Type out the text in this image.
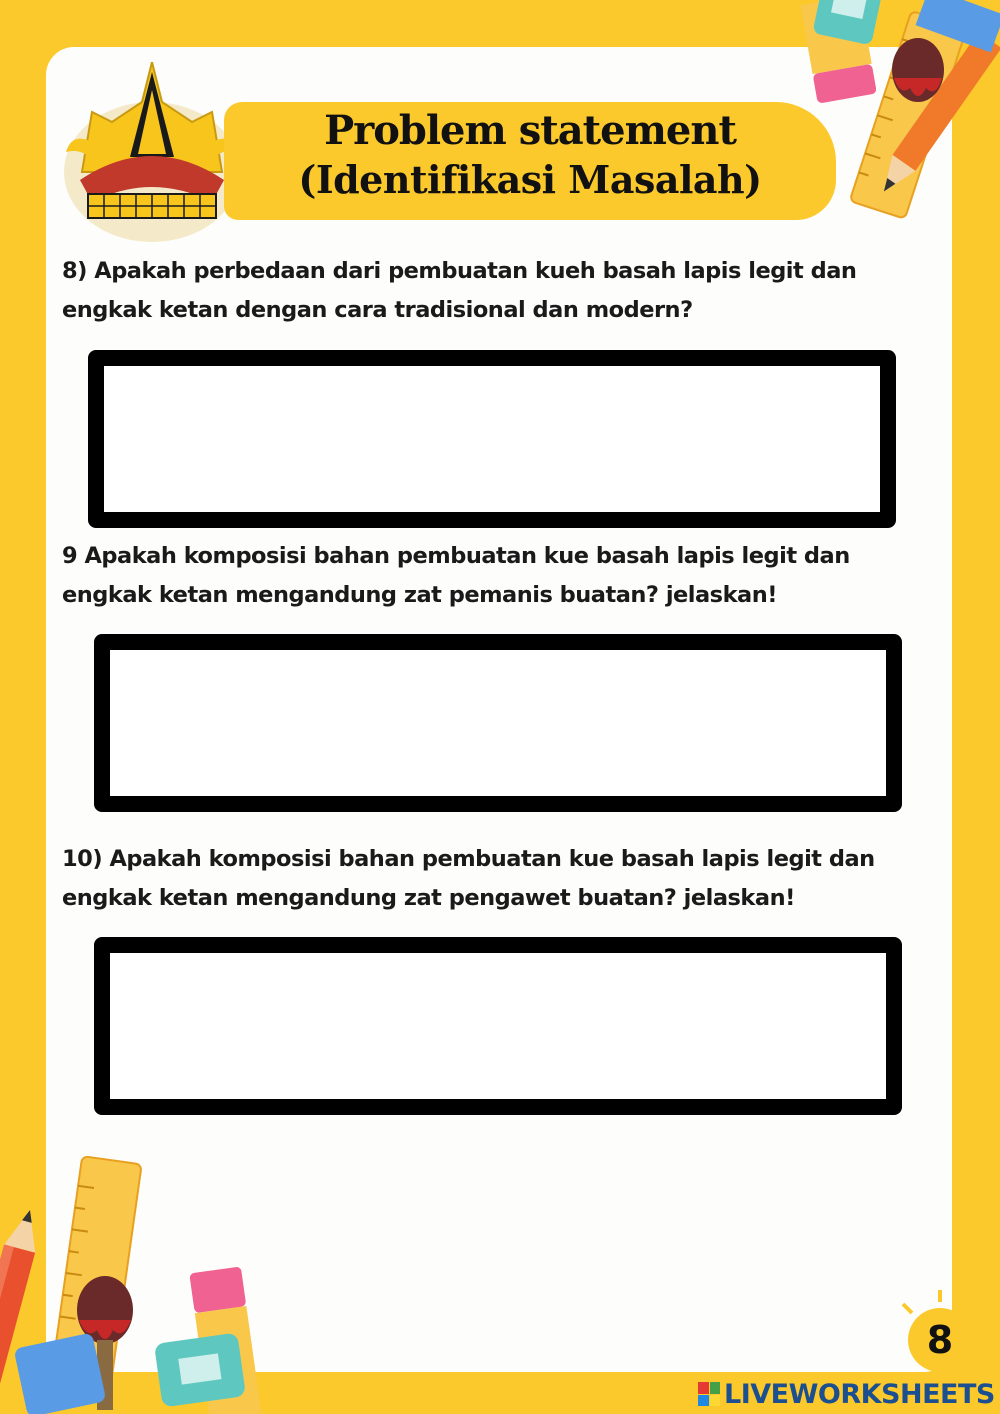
Problem statement
(Identifikasi Masalah)
8) Apakah perbedaan dari pembuatan kueh basah lapis legit dan engkak ketan dengan cara tradisional dan modern?
9 Apakah komposisi bahan pembuatan kue basah lapis legit dan engkak ketan mengandung zat pemanis buatan? jelaskan!
10) Apakah komposisi bahan pembuatan kue basah lapis legit dan engkak ketan mengandung zat pengawet buatan? jelaskan!
8
LIVEWORKSHEETS
